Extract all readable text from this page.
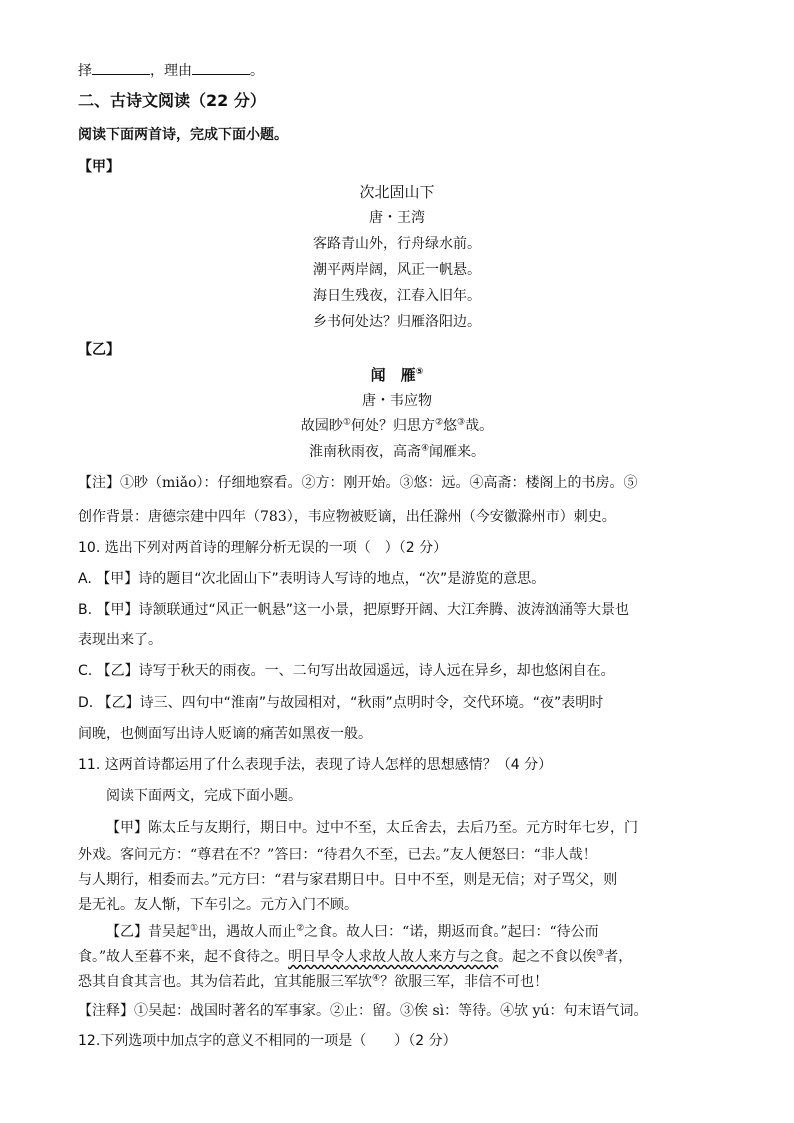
择	，理由	。
二、古诗文阅读（22 分）
阅读下面两首诗，完成下面小题。
【甲】
次北固山下
唐・王湾
客路青山外，行舟绿水前。
潮平两岸阔，风正一帆悬。
海日生残夜，江春入旧年。
乡书何处达？归雁洛阳边。
【乙】
闻　雁⑤
唐・韦应物
故园眇①何处？归思方②悠③哉。
淮南秋雨夜，高斋④闻雁来。
【注】①眇（miǎo）：仔细地察看。②方：刚开始。③悠：远。④高斋：楼阁上的书房。⑤
创作背景：唐德宗建中四年（783），韦应物被贬谪，出任滁州（今安徽滁州市）刺史。
10. 选出下列对两首诗的理解分析无误的一项（　）（2 分）
A. 【甲】诗的题目“次北固山下”表明诗人写诗的地点，“次”是游览的意思。
B. 【甲】诗颔联通过“风正一帆悬”这一小景，把原野开阔、大江奔腾、波涛汹涌等大景也
表现出来了。
C. 【乙】诗写于秋天的雨夜。一、二句写出故园遥远，诗人远在异乡，却也悠闲自在。
D. 【乙】诗三、四句中“淮南”与故园相对，“秋雨”点明时令，交代环境。“夜”表明时
间晚，也侧面写出诗人贬谪的痛苦如黑夜一般。
11. 这两首诗都运用了什么表现手法，表现了诗人怎样的思想感情？（4 分）
阅读下面两文，完成下面小题。
【甲】陈太丘与友期行，期日中。过中不至，太丘舍去，去后乃至。元方时年七岁，门
外戏。客问元方：“尊君在不？”答曰：“待君久不至，已去。”友人便怒曰：“非人哉！
与人期行，相委而去。”元方曰：“君与家君期日中。日中不至，则是无信；对子骂父，则
是无礼。友人惭，下车引之。元方入门不顾。
【乙】昔吴起①出，遇故人而止②之食。故人曰：“诺，期返而食。”起曰：“待公而
食。”故人至暮不来，起不食待之。明日早令人求故人故人来方与之食。起之不食以俟③者，
恐其自食其言也。其为信若此，宜其能服三军欤④？欲服三军，非信不可也！
【注释】①吴起：战国时著名的军事家。②止：留。③俟 sì：等待。④欤 yú：句末语气词。
12.下列选项中加点字的意义不相同的一项是（　　）（2 分）
